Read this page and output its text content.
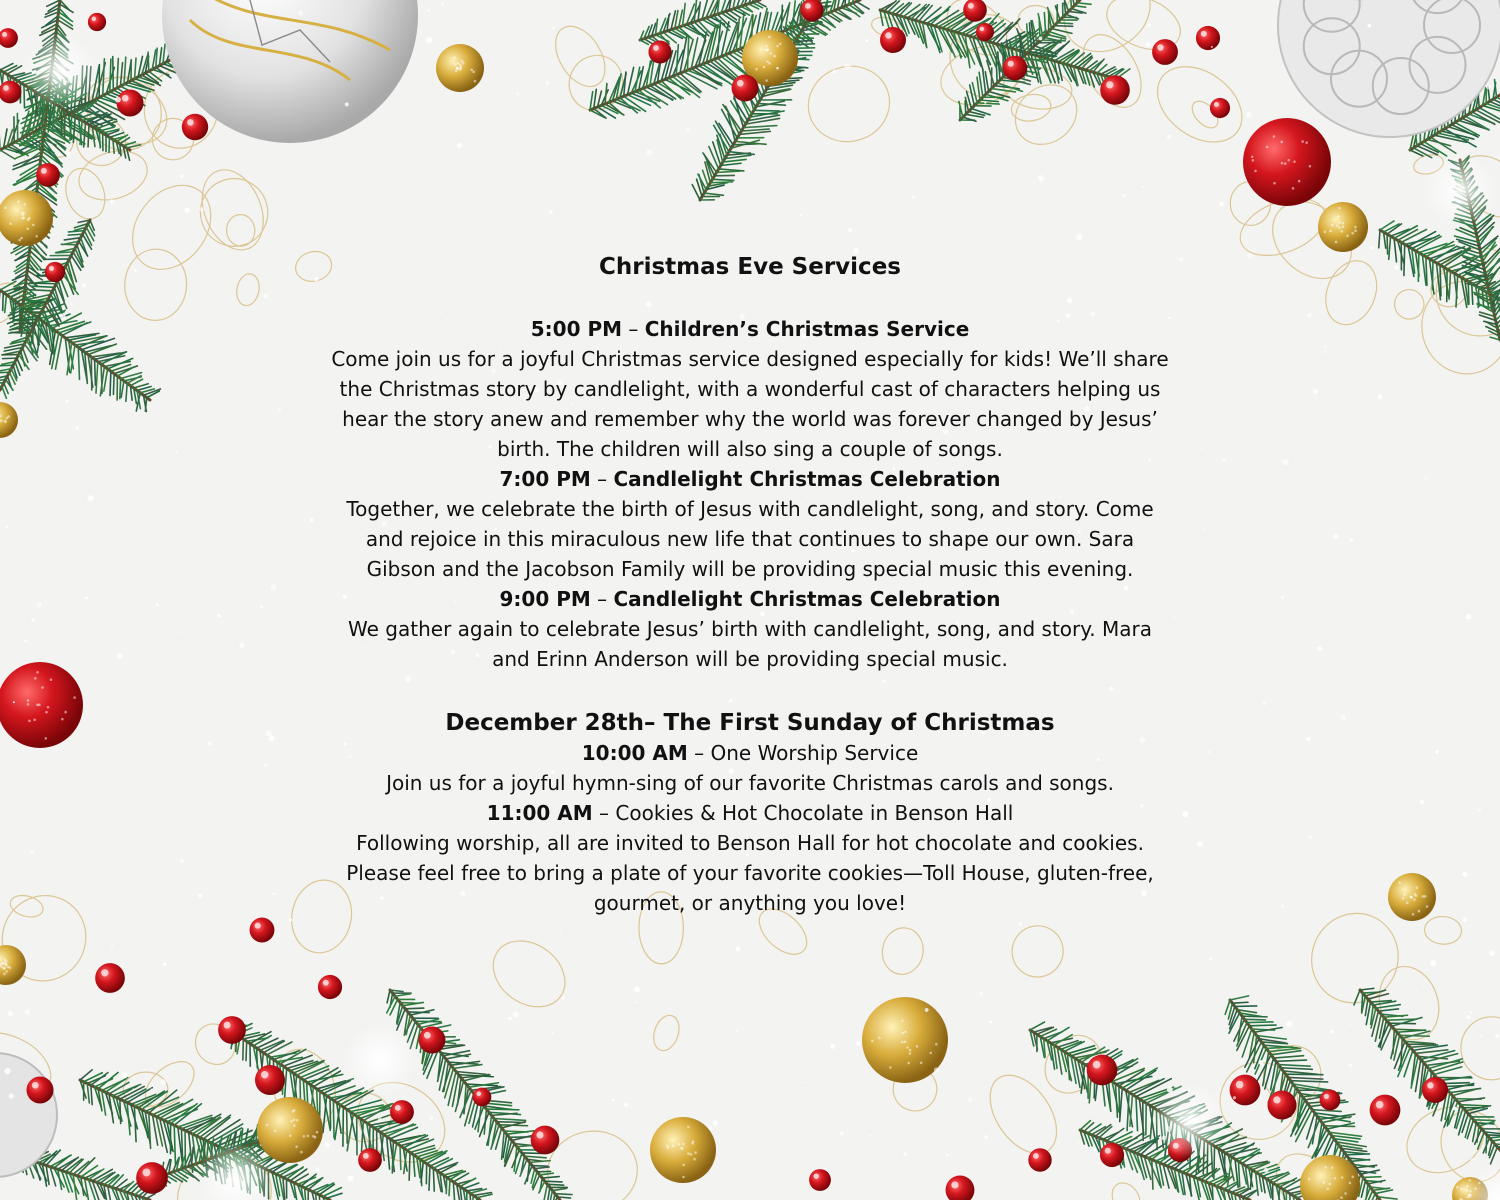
Christmas Eve Services

5:00 PM – Children’s Christmas Service

Come join us for a joyful Christmas service designed especially for kids! We’ll share the Christmas story by candlelight, with a wonderful cast of characters helping us hear the story anew and remember why the world was forever changed by Jesus’ birth. The children will also sing a couple of songs.

7:00 PM – Candlelight Christmas Celebration

Together, we celebrate the birth of Jesus with candlelight, song, and story. Come and rejoice in this miraculous new life that continues to shape our own. Sara Gibson and the Jacobson Family will be providing special music this evening.

9:00 PM – Candlelight Christmas Celebration

We gather again to celebrate Jesus’ birth with candlelight, song, and story. Mara and Erinn Anderson will be providing special music.

December 28th– The First Sunday of Christmas

10:00 AM – One Worship Service

Join us for a joyful hymn-sing of our favorite Christmas carols and songs.

11:00 AM – Cookies & Hot Chocolate in Benson Hall

Following worship, all are invited to Benson Hall for hot chocolate and cookies. Please feel free to bring a plate of your favorite cookies—Toll House, gluten-free, gourmet, or anything you love!
